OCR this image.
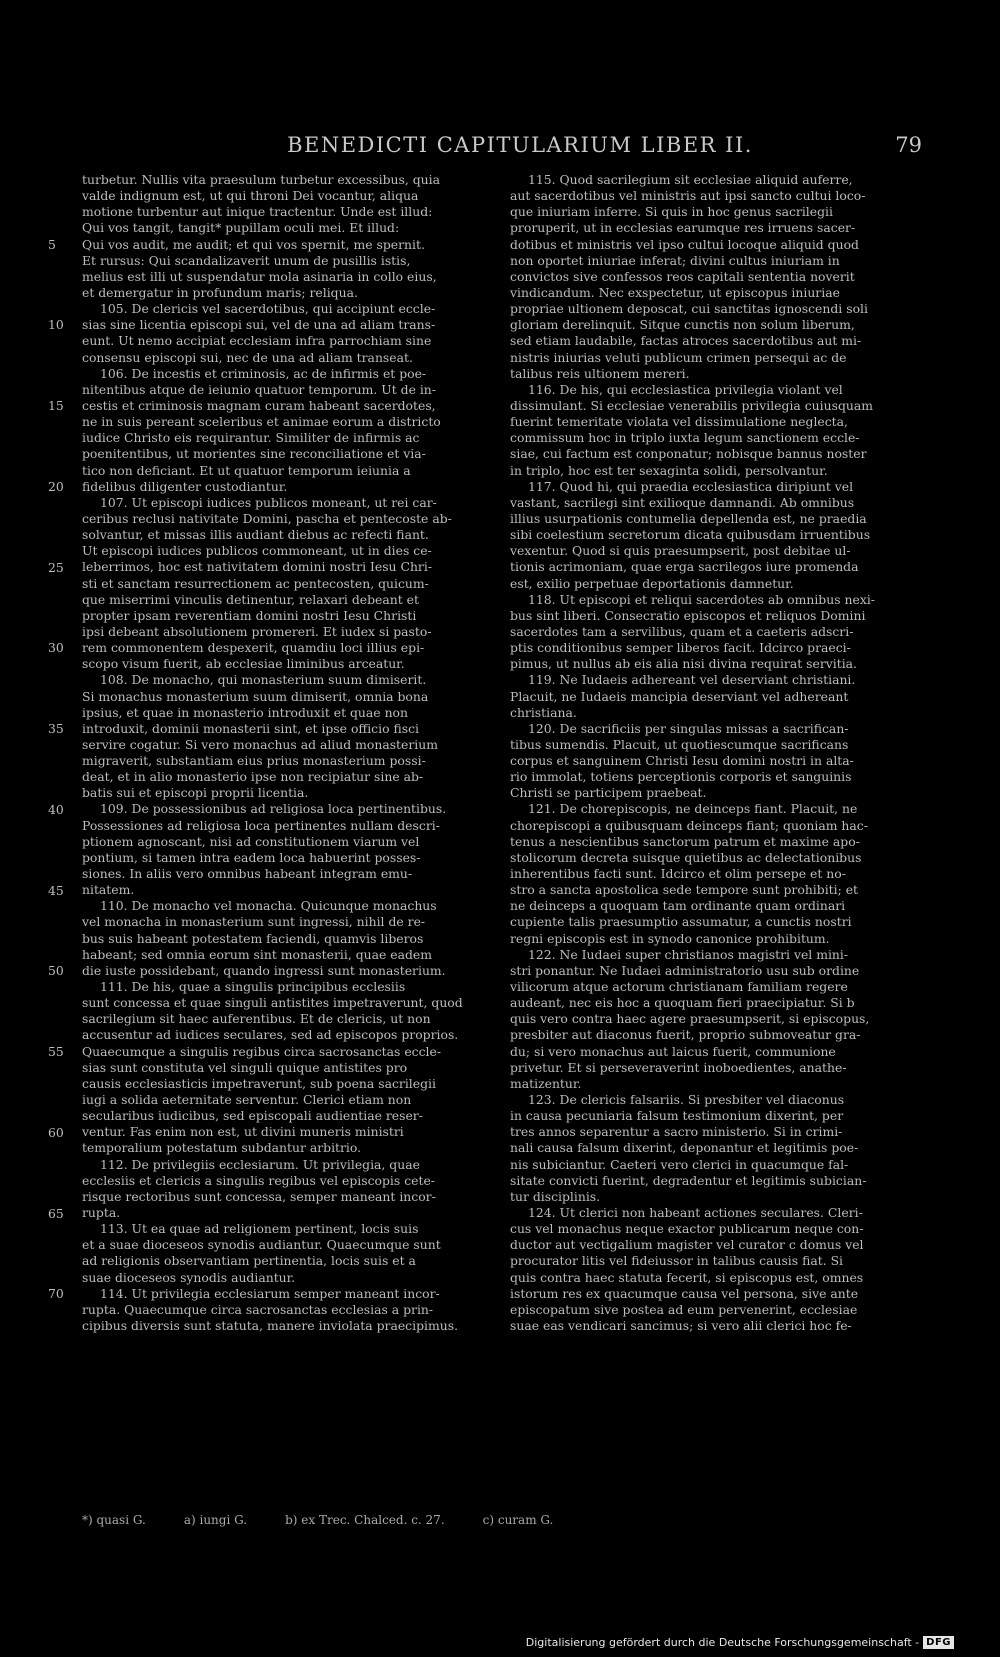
BENEDICTI CAPITULARIUM LIBER II.	79
5
10
15
20
25
30
35
40
45
50
55
60
65
70
turbetur. Nullis vita praesulum turbetur excessibus, quia
valde indignum est, ut qui throni Dei vocantur, aliqua
motione turbentur aut inique tractentur. Unde est illud:
Qui vos tangit, tangit* pupillam oculi mei. Et illud:
Qui vos audit, me audit; et qui vos spernit, me spernit.
Et rursus: Qui scandalizaverit unum de pusillis istis,
melius est illi ut suspendatur mola asinaria in collo eius,
et demergatur in profundum maris; reliqua.
105. De clericis vel sacerdotibus, qui accipiunt eccle-
sias sine licentia episcopi sui, vel de una ad aliam trans-
eunt. Ut nemo accipiat ecclesiam infra parrochiam sine
consensu episcopi sui, nec de una ad aliam transeat.
106. De incestis et criminosis, ac de infirmis et poe-
nitentibus atque de ieiunio quatuor temporum. Ut de in-
cestis et criminosis magnam curam habeant sacerdotes,
ne in suis pereant sceleribus et animae eorum a districto
iudice Christo eis requirantur. Similiter de infirmis ac
poenitentibus, ut morientes sine reconciliatione et via-
tico non deficiant. Et ut quatuor temporum ieiunia a
fidelibus diligenter custodiantur.
107. Ut episcopi iudices publicos moneant, ut rei car-
ceribus reclusi nativitate Domini, pascha et pentecoste ab-
solvantur, et missas illis audiant diebus ac refecti fiant.
Ut episcopi iudices publicos commoneant, ut in dies ce-
leberrimos, hoc est nativitatem domini nostri Iesu Chri-
sti et sanctam resurrectionem ac pentecosten, quicum-
que miserrimi vinculis detinentur, relaxari debeant et
propter ipsam reverentiam domini nostri Iesu Christi
ipsi debeant absolutionem promereri. Et iudex si pasto-
rem commonentem despexerit, quamdiu loci illius epi-
scopo visum fuerit, ab ecclesiae liminibus arceatur.
108. De monacho, qui monasterium suum dimiserit.
Si monachus monasterium suum dimiserit, omnia bona
ipsius, et quae in monasterio introduxit et quae non
introduxit, dominii monasterii sint, et ipse officio fisci
servire cogatur. Si vero monachus ad aliud monasterium
migraverit, substantiam eius prius monasterium possi-
deat, et in alio monasterio ipse non recipiatur sine ab-
batis sui et episcopi proprii licentia.
109. De possessionibus ad religiosa loca pertinentibus.
Possessiones ad religiosa loca pertinentes nullam descri-
ptionem agnoscant, nisi ad constitutionem viarum vel
pontium, si tamen intra eadem loca habuerint posses-
siones. In aliis vero omnibus habeant integram emu-
nitatem.
110. De monacho vel monacha. Quicunque monachus
vel monacha in monasterium sunt ingressi, nihil de re-
bus suis habeant potestatem faciendi, quamvis liberos
habeant; sed omnia eorum sint monasterii, quae eadem
die iuste possidebant, quando ingressi sunt monasterium.
111. De his, quae a singulis principibus ecclesiis
sunt concessa et quae singuli antistites impetraverunt, quod
sacrilegium sit haec auferentibus. Et de clericis, ut non
accusentur ad iudices seculares, sed ad episcopos proprios.
Quaecumque a singulis regibus circa sacrosanctas eccle-
sias sunt constituta vel singuli quique antistites pro
causis ecclesiasticis impetraverunt, sub poena sacrilegii
iugi a solida aeternitate serventur. Clerici etiam non
secularibus iudicibus, sed episcopali audientiae reser-
ventur. Fas enim non est, ut divini muneris ministri
temporalium potestatum subdantur arbitrio.
112. De privilegiis ecclesiarum. Ut privilegia, quae
ecclesiis et clericis a singulis regibus vel episcopis cete-
risque rectoribus sunt concessa, semper maneant incor-
rupta.
113. Ut ea quae ad religionem pertinent, locis suis
et a suae dioceseos synodis audiantur. Quaecumque sunt
ad religionis observantiam pertinentia, locis suis et a
suae dioceseos synodis audiantur.
114. Ut privilegia ecclesiarum semper maneant incor-
rupta. Quaecumque circa sacrosanctas ecclesias a prin-
cipibus diversis sunt statuta, manere inviolata praecipimus.
115. Quod sacrilegium sit ecclesiae aliquid auferre,
aut sacerdotibus vel ministris aut ipsi sancto cultui loco-
que iniuriam inferre. Si quis in hoc genus sacrilegii
proruperit, ut in ecclesias earumque res irruens sacer-
dotibus et ministris vel ipso cultui locoque aliquid quod
non oportet iniuriae inferat; divini cultus iniuriam in
convictos sive confessos reos capitali sententia noverit
vindicandum. Nec exspectetur, ut episcopus iniuriae
propriae ultionem deposcat, cui sanctitas ignoscendi soli
gloriam derelinquit. Sitque cunctis non solum liberum,
sed etiam laudabile, factas atroces sacerdotibus aut mi-
nistris iniurias veluti publicum crimen persequi ac de
talibus reis ultionem mereri.
116. De his, qui ecclesiastica privilegia violant vel
dissimulant. Si ecclesiae venerabilis privilegia cuiusquam
fuerint temeritate violata vel dissimulatione neglecta,
commissum hoc in triplo iuxta legum sanctionem eccle-
siae, cui factum est conponatur; nobisque bannus noster
in triplo, hoc est ter sexaginta solidi, persolvantur.
117. Quod hi, qui praedia ecclesiastica diripiunt vel
vastant, sacrilegi sint exilioque damnandi. Ab omnibus
illius usurpationis contumelia depellenda est, ne praedia
sibi coelestium secretorum dicata quibusdam irruentibus
vexentur. Quod si quis praesumpserit, post debitae ul-
tionis acrimoniam, quae erga sacrilegos iure promenda
est, exilio perpetuae deportationis damnetur.
118. Ut episcopi et reliqui sacerdotes ab omnibus nexi-
bus sint liberi. Consecratio episcopos et reliquos Domini
sacerdotes tam a servilibus, quam et a caeteris adscri-
ptis conditionibus semper liberos facit. Idcirco praeci-
pimus, ut nullus ab eis alia nisi divina requirat servitia.
119. Ne Iudaeis adhereant vel deserviant christiani.
Placuit, ne Iudaeis mancipia deserviant vel adhereant
christiana.
120. De sacrificiis per singulas missas a sacrifican-
tibus sumendis. Placuit, ut quotiescumque sacrificans
corpus et sanguinem Christi Iesu domini nostri in alta-
rio immolat, totiens perceptionis corporis et sanguinis
Christi se participem praebeat.
121. De chorepiscopis, ne deinceps fiant. Placuit, ne
chorepiscopi a quibusquam deinceps fiant; quoniam hac-
tenus a nescientibus sanctorum patrum et maxime apo-
stolicorum decreta suisque quietibus ac delectationibus
inherentibus facti sunt. Idcirco et olim persepe et no-
stro a sancta apostolica sede tempore sunt prohibiti; et
ne deinceps a quoquam tam ordinante quam ordinari
cupiente talis praesumptio assumatur, a cunctis nostri
regni episcopis est in synodo canonice prohibitum.
122. Ne Iudaei super christianos magistri vel mini-
stri ponantur. Ne Iudaei administratorio usu sub ordine
vilicorum atque actorum christianam familiam regere
audeant, nec eis hoc a quoquam fieri praecipiatur. Si b
quis vero contra haec agere praesumpserit, si episcopus,
presbiter aut diaconus fuerit, proprio submoveatur gra-
du; si vero monachus aut laicus fuerit, communione
privetur. Et si perseveraverint inoboedientes, anathe-
matizentur.
123. De clericis falsariis. Si presbiter vel diaconus
in causa pecuniaria falsum testimonium dixerint, per
tres annos separentur a sacro ministerio. Si in crimi-
nali causa falsum dixerint, deponantur et legitimis poe-
nis subiciantur. Caeteri vero clerici in quacumque fal-
sitate convicti fuerint, degradentur et legitimis subician-
tur disciplinis.
124. Ut clerici non habeant actiones seculares. Cleri-
cus vel monachus neque exactor publicarum neque con-
ductor aut vectigalium magister vel curator c domus vel
procurator litis vel fideiussor in talibus causis fiat. Si
quis contra haec statuta fecerit, si episcopus est, omnes
istorum res ex quacumque causa vel persona, sive ante
episcopatum sive postea ad eum pervenerint, ecclesiae
suae eas vendicari sancimus; si vero alii clerici hoc fe-
*) quasi G.	a) iungi G.	b) ex Trec. Chalced. c. 27.	c) curam G.
Digitalisierung gefördert durch die Deutsche Forschungsgemeinschaft - DFG
